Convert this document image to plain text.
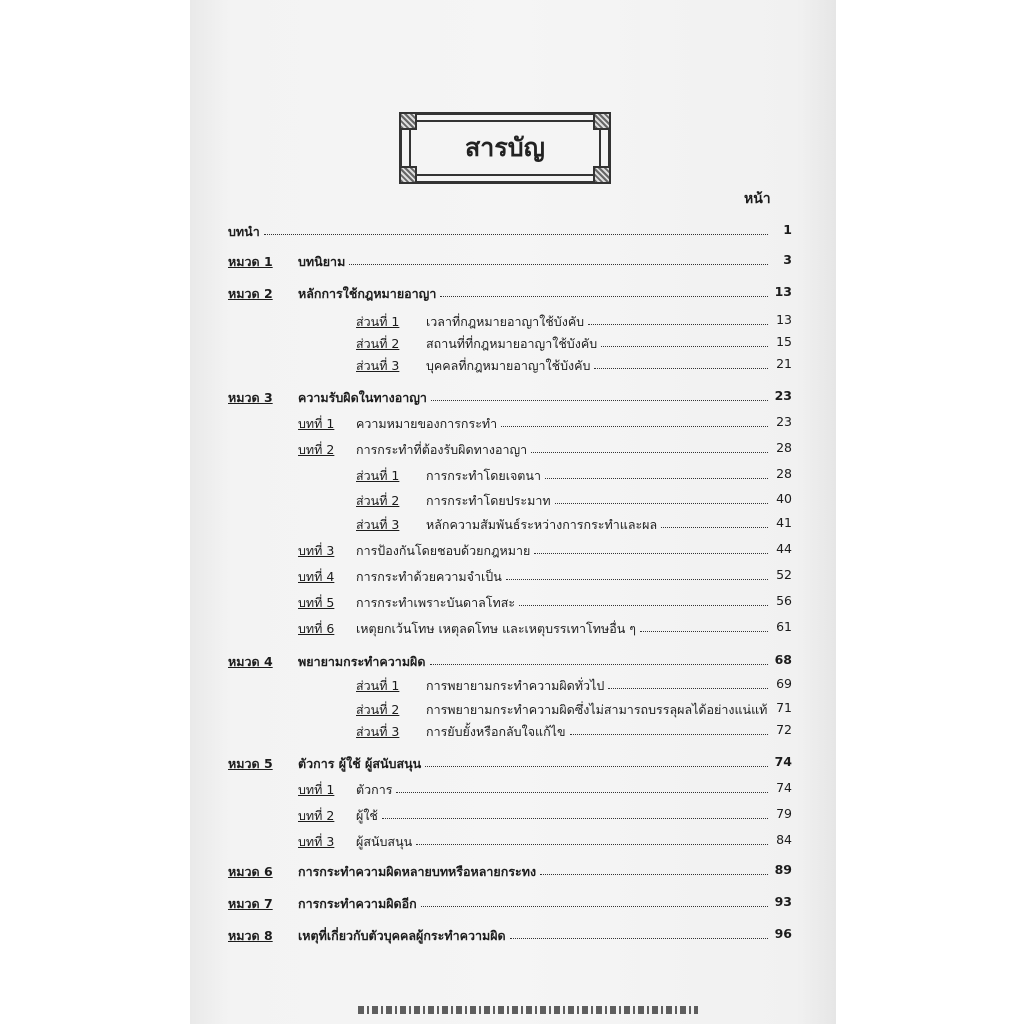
สารบัญ
หน้า
บทนำ	1
หมวด 1 บทนิยาม	3
หมวด 2 หลักการใช้กฎหมายอาญา	13
ส่วนที่ 1 เวลาที่กฎหมายอาญาใช้บังคับ	13
ส่วนที่ 2 สถานที่ที่กฎหมายอาญาใช้บังคับ	15
ส่วนที่ 3 บุคคลที่กฎหมายอาญาใช้บังคับ	21
หมวด 3 ความรับผิดในทางอาญา	23
บทที่ 1 ความหมายของการกระทำ	23
บทที่ 2 การกระทำที่ต้องรับผิดทางอาญา	28
ส่วนที่ 1 การกระทำโดยเจตนา	28
ส่วนที่ 2 การกระทำโดยประมาท	40
ส่วนที่ 3 หลักความสัมพันธ์ระหว่างการกระทำและผล	41
บทที่ 3 การป้องกันโดยชอบด้วยกฎหมาย	44
บทที่ 4 การกระทำด้วยความจำเป็น	52
บทที่ 5 การกระทำเพราะบันดาลโทสะ	56
บทที่ 6 เหตุยกเว้นโทษ เหตุลดโทษ และเหตุบรรเทาโทษอื่น ๆ	61
หมวด 4 พยายามกระทำความผิด	68
ส่วนที่ 1 การพยายามกระทำความผิดทั่วไป	69
ส่วนที่ 2 การพยายามกระทำความผิดซึ่งไม่สามารถบรรลุผลได้อย่างแน่แท้ 71
ส่วนที่ 3 การยับยั้งหรือกลับใจแก้ไข	72
หมวด 5 ตัวการ ผู้ใช้ ผู้สนับสนุน	74
บทที่ 1 ตัวการ	74
บทที่ 2 ผู้ใช้	79
บทที่ 3 ผู้สนับสนุน	84
หมวด 6 การกระทำความผิดหลายบทหรือหลายกระทง	89
หมวด 7 การกระทำความผิดอีก	93
หมวด 8 เหตุที่เกี่ยวกับตัวบุคคลผู้กระทำความผิด	96
